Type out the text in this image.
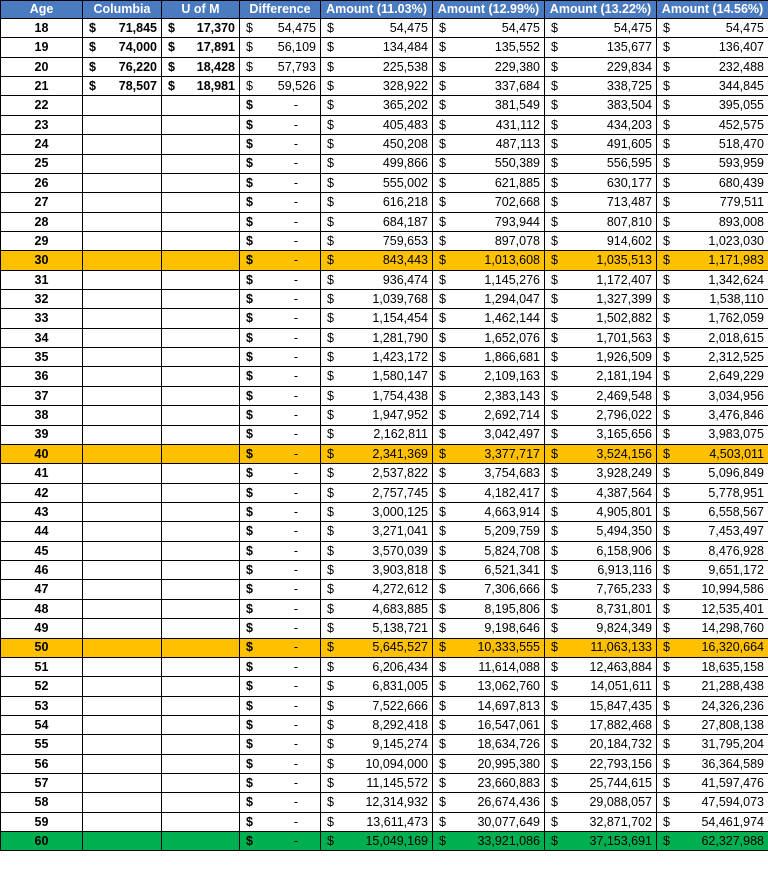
Age	Columbia	U of M	Difference	Amount (11.03%)	Amount (12.99%)	Amount (13.22%)	Amount (14.56%)
18	$ 71,845	$ 17,370	$ 54,475	$ 54,475	$ 54,475	$ 54,475	$ 54,475

19	$ 74,000	$ 17,891	$ 56,109	$ 134,484	$ 135,552	$ 135,677	$ 136,407

20	$ 76,220	$ 18,428	$ 57,793	$ 225,538	$ 229,380	$ 229,834	$ 232,488

21	$ 78,507	$ 18,981	$ 59,526	$ 328,922	$ 337,684	$ 338,725	$ 344,845

22			$ -	$ 365,202	$ 381,549	$ 383,504	$ 395,055

23			$ -	$ 405,483	$ 431,112	$ 434,203	$ 452,575

24			$ -	$ 450,208	$ 487,113	$ 491,605	$ 518,470

25			$ -	$ 499,866	$ 550,389	$ 556,595	$ 593,959

26			$ -	$ 555,002	$ 621,885	$ 630,177	$ 680,439

27			$ -	$ 616,218	$ 702,668	$ 713,487	$ 779,511

28			$ -	$ 684,187	$ 793,944	$ 807,810	$ 893,008

29			$ -	$ 759,653	$ 897,078	$ 914,602	$ 1,023,030

30			$ -	$ 843,443	$ 1,013,608	$ 1,035,513	$ 1,171,983

31			$ -	$ 936,474	$ 1,145,276	$ 1,172,407	$ 1,342,624

32			$ -	$ 1,039,768	$ 1,294,047	$ 1,327,399	$ 1,538,110

33			$ -	$ 1,154,454	$ 1,462,144	$ 1,502,882	$ 1,762,059

34			$ -	$ 1,281,790	$ 1,652,076	$ 1,701,563	$ 2,018,615

35			$ -	$ 1,423,172	$ 1,866,681	$ 1,926,509	$ 2,312,525

36			$ -	$ 1,580,147	$ 2,109,163	$ 2,181,194	$ 2,649,229

37			$ -	$ 1,754,438	$ 2,383,143	$ 2,469,548	$ 3,034,956

38			$ -	$ 1,947,952	$ 2,692,714	$ 2,796,022	$ 3,476,846

39			$ -	$ 2,162,811	$ 3,042,497	$ 3,165,656	$ 3,983,075

40			$ -	$ 2,341,369	$ 3,377,717	$ 3,524,156	$ 4,503,011

41			$ -	$ 2,537,822	$ 3,754,683	$ 3,928,249	$ 5,096,849

42			$ -	$ 2,757,745	$ 4,182,417	$ 4,387,564	$ 5,778,951

43			$ -	$ 3,000,125	$ 4,663,914	$ 4,905,801	$ 6,558,567

44			$ -	$ 3,271,041	$ 5,209,759	$ 5,494,350	$ 7,453,497

45			$ -	$ 3,570,039	$ 5,824,708	$ 6,158,906	$ 8,476,928

46			$ -	$ 3,903,818	$ 6,521,341	$ 6,913,116	$ 9,651,172

47			$ -	$ 4,272,612	$ 7,306,666	$ 7,765,233	$ 10,994,586

48			$ -	$ 4,683,885	$ 8,195,806	$ 8,731,801	$ 12,535,401

49			$ -	$ 5,138,721	$ 9,198,646	$ 9,824,349	$ 14,298,760

50			$ -	$ 5,645,527	$ 10,333,555	$ 11,063,133	$ 16,320,664

51			$ -	$ 6,206,434	$ 11,614,088	$ 12,463,884	$ 18,635,158

52			$ -	$ 6,831,005	$ 13,062,760	$ 14,051,611	$ 21,288,438

53			$ -	$ 7,522,666	$ 14,697,813	$ 15,847,435	$ 24,326,236

54			$ -	$ 8,292,418	$ 16,547,061	$ 17,882,468	$ 27,808,138

55			$ -	$ 9,145,274	$ 18,634,726	$ 20,184,732	$ 31,795,204

56			$ -	$ 10,094,000	$ 20,995,380	$ 22,793,156	$ 36,364,589

57			$ -	$ 11,145,572	$ 23,660,883	$ 25,744,615	$ 41,597,476

58			$ -	$ 12,314,932	$ 26,674,436	$ 29,088,057	$ 47,594,073

59			$ -	$ 13,611,473	$ 30,077,649	$ 32,871,702	$ 54,461,974

60			$ -	$ 15,049,169	$ 33,921,086	$ 37,153,691	$ 62,327,988
